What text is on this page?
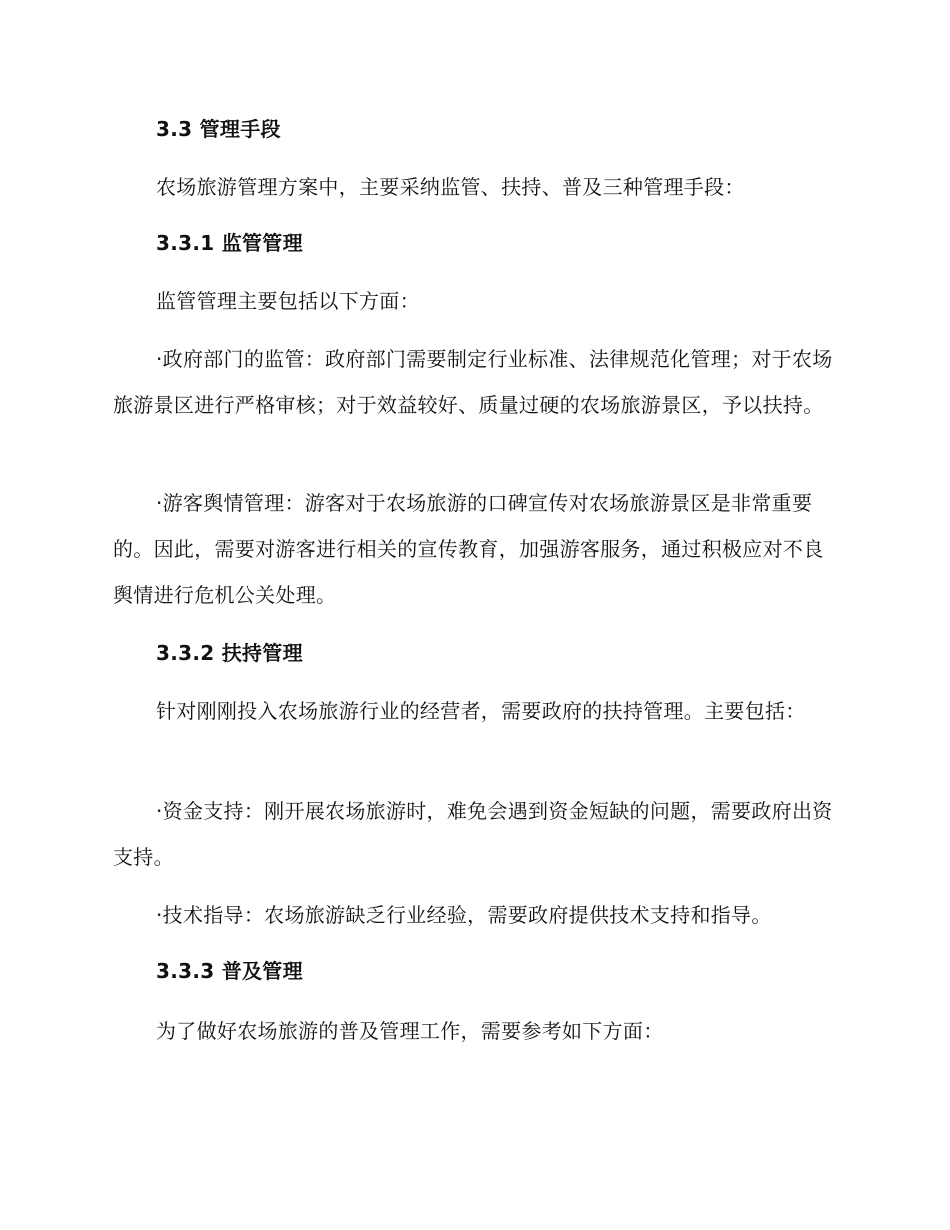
3.3 管理手段

农场旅游管理方案中，主要采纳监管、扶持、普及三种管理手段：

3.3.1 监管管理

监管管理主要包括以下方面：

·政府部门的监管：政府部门需要制定行业标准、法律规范化管理；对于农场旅游景区进行严格审核；对于效益较好、质量过硬的农场旅游景区，予以扶持。

·游客舆情管理：游客对于农场旅游的口碑宣传对农场旅游景区是非常重要的。因此，需要对游客进行相关的宣传教育，加强游客服务，通过积极应对不良舆情进行危机公关处理。

3.3.2 扶持管理

针对刚刚投入农场旅游行业的经营者，需要政府的扶持管理。主要包括：

·资金支持：刚开展农场旅游时，难免会遇到资金短缺的问题，需要政府出资支持。

·技术指导：农场旅游缺乏行业经验，需要政府提供技术支持和指导。

3.3.3 普及管理

为了做好农场旅游的普及管理工作，需要参考如下方面：
